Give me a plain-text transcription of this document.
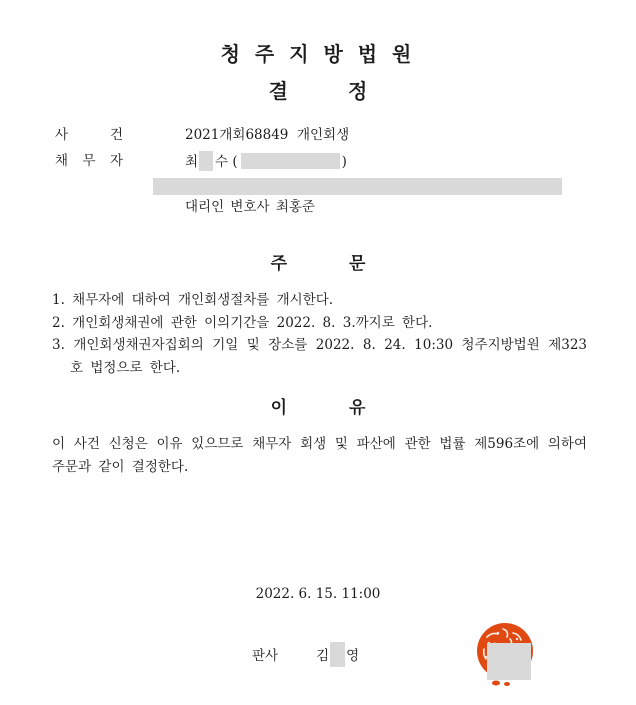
청 주 지 방 법 원
결	정
사	건	2021개회68849  개인회생
채 무 자	최 수 (	)
대리인 변호사 최홍준
주	문
1. 채무자에 대하여 개인회생절차를 개시한다.
2. 개인회생채권에 관한 이의기간을 2022. 8. 3.까지로 한다.
3. 개인회생채권자집회의 기일 및 장소를 2022. 8. 24. 10:30 청주지방법원 제323호 법정으로 한다.
이	유
이 사건 신청은 이유 있으므로 채무자 회생 및 파산에 관한 법률 제596조에 의하여 주문과 같이 결정한다.
2022. 6. 15. 11:00
판사	김 영
